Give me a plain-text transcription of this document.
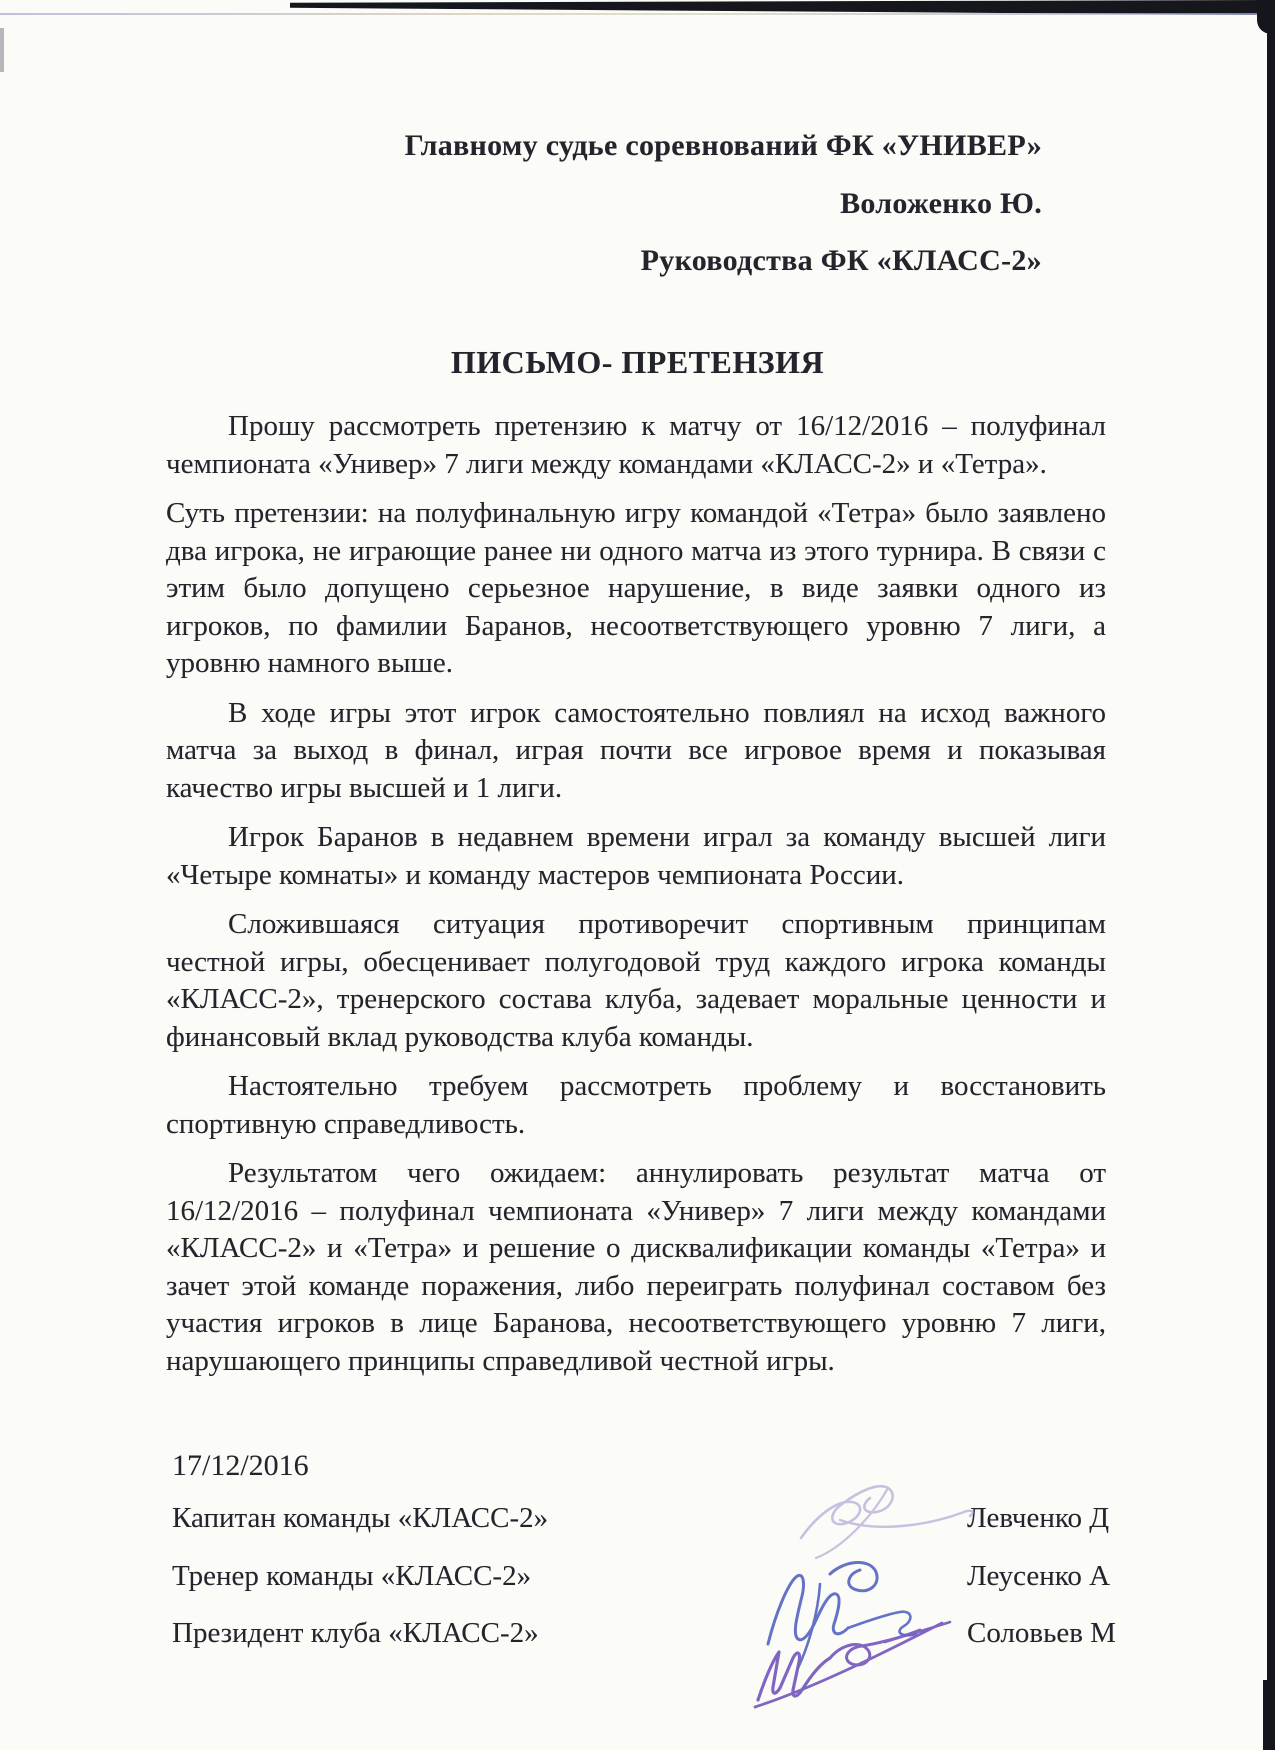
Главному судье соревнований ФК «УНИВЕР»
Воложенко Ю.
Руководства ФК «КЛАСС-2»
ПИСЬМО- ПРЕТЕНЗИЯ

Прошу рассмотреть претензию к матчу от 16/12/2016 – полуфинал чемпионата «Универ» 7 лиги между командами «КЛАСС-2» и «Тетра».

Суть претензии: на полуфинальную игру командой «Тетра» было заявлено два игрока, не играющие ранее ни одного матча из этого турнира. В связи с этим было допущено серьезное нарушение, в виде заявки одного из игроков, по фамилии Баранов, несоответствующего уровню 7 лиги, а уровню намного выше.

В ходе игры этот игрок самостоятельно повлиял на исход важного матча за выход в финал, играя почти все игровое время и показывая качество игры высшей и 1 лиги.

Игрок Баранов в недавнем времени играл за команду высшей лиги «Четыре комнаты» и команду мастеров чемпионата России.

Сложившаяся ситуация противоречит спортивным принципам честной игры, обесценивает полугодовой труд каждого игрока команды «КЛАСС-2», тренерского состава клуба, задевает моральные ценности и финансовый вклад руководства клуба команды.

Настоятельно требуем рассмотреть проблему и восстановить спортивную справедливость.

Результатом чего ожидаем: аннулировать результат матча от 16/12/2016 – полуфинал чемпионата «Универ» 7 лиги между командами «КЛАСС-2» и «Тетра» и решение о дисквалификации команды «Тетра» и зачет этой команде поражения, либо переиграть полуфинал составом без участия игроков в лице Баранова, несоответствующего уровню 7 лиги, нарушающего принципы справедливой честной игры.

17/12/2016
Капитан команды «КЛАСС-2»	Левченко Д
Тренер команды «КЛАСС-2»	Леусенко А
Президент клуба «КЛАСС-2»	Соловьев М
